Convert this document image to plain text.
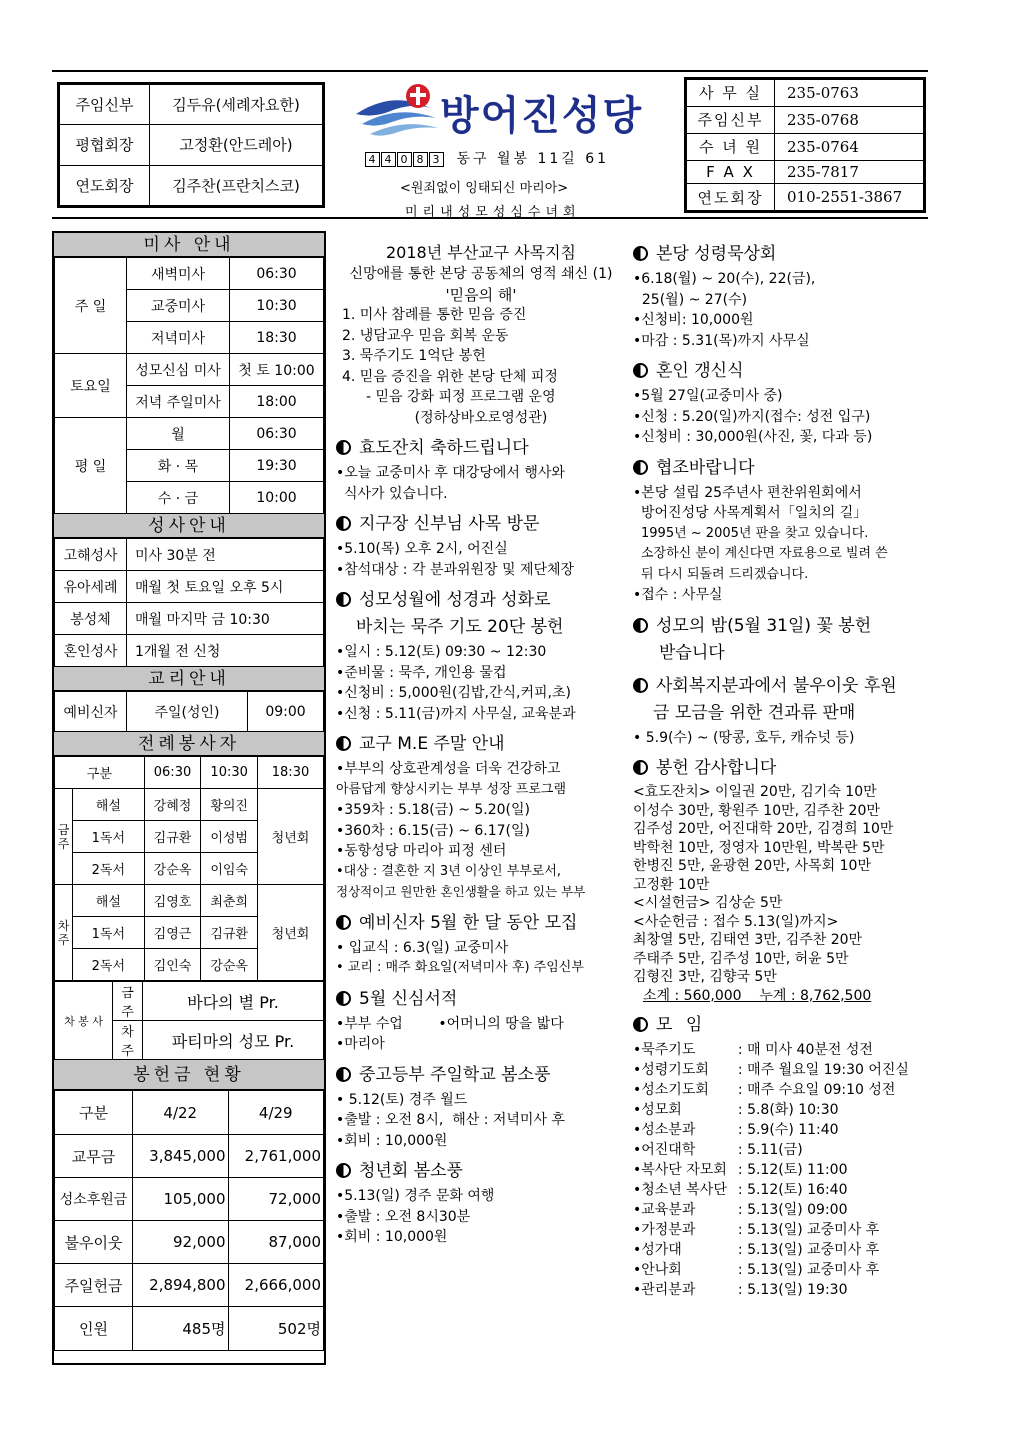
주임신부	김두유(세례자요한)
평협회장	고정환(안드레아)
연도회장	김주찬(프란치스코)
방어진성당
4 4 0 8 3 동구 월봉 11길 61
<원죄없이 잉태되신 마리아>
미리내성모성심수녀회
사 무 실	235-0763
주임신부	235-0768
수 녀 원	235-0764
F A X	235-7817
연도회장	010-2551-3867
미사 안내
주 일	새벽미사	06:30
	교중미사	10:30
	저녁미사	18:30
토요일	성모신심 미사	첫 토 10:00
	저녁 주일미사	18:00
평 일	월	06:30
	화 · 목	19:30
	수 · 금	10:00
성사안내
고해성사	미사 30분 전
유아세례	매월 첫 토요일 오후 5시
봉성체	매월 마지막 금 10:30
혼인성사	1개월 전 신청
교리안내
예비신자	주일(성인)	09:00
전례봉사자
구분		06:30	10:30	18:30
금주	해설	강혜정	황의진	청년회
	1독서	김규환	이성범	
	2독서	강순옥	이임숙	
차주	해설	김영호	최춘희	청년회
	1독서	김영근	김규환	
	2독서	김인숙	강순옥	
차 봉 사	금주	바다의 별 Pr.
	차주	파티마의 성모 Pr.
봉헌금 현황
구분	4/22	4/29
교무금	3,845,000	2,761,000
성소후원금	105,000	72,000
불우이웃	92,000	87,000
주일헌금	2,894,800	2,666,000
인원	485명	502명
2018년 부산교구 사목지침
신망애를 통한 본당 공동체의 영적 쇄신 (1)
'믿음의 해'
1. 미사 참례를 통한 믿음 증진
2. 냉담교우 믿음 회복 운동
3. 묵주기도 1억단 봉헌
4. 믿음 증진을 위한 본당 단체 피정
- 믿음 강화 피정 프로그램 운영
(정하상바오로영성관)
효도잔치 축하드립니다
•오늘 교중미사 후 대강당에서 행사와
식사가 있습니다.
지구장 신부님 사목 방문
•5.10(목) 오후 2시, 어진실
•참석대상 : 각 분과위원장 및 제단체장
성모성월에 성경과 성화로
바치는 묵주 기도 20단 봉헌
•일시 : 5.12(토) 09:30 ~ 12:30
•준비물 : 묵주, 개인용 물컵
•신청비 : 5,000원(김밥,간식,커피,초)
•신청 : 5.11(금)까지 사무실, 교육분과
교구 M.E 주말 안내
•부부의 상호관계성을 더욱 건강하고
아름답게 향상시키는 부부 성장 프로그램
•359차 : 5.18(금) ~ 5.20(일)
•360차 : 6.15(금) ~ 6.17(일)
•동항성당 마리아 피정 센터
•대상 : 결혼한 지 3년 이상인 부부로서,
정상적이고 원만한 혼인생활을 하고 있는 부부
예비신자 5월 한 달 동안 모집
• 입교식 : 6.3(일) 교중미사
• 교리 : 매주 화요일(저녁미사 후) 주임신부
5월 신심서적
•부부 수업        •어머니의 땅을 밟다
•마리아
중고등부 주일학교 봄소풍
• 5.12(토) 경주 월드
•출발 : 오전 8시,  해산 : 저녁미사 후
•회비 : 10,000원
청년회 봄소풍
•5.13(일) 경주 문화 여행
•출발 : 오전 8시30분
•회비 : 10,000원
본당 성령묵상회
•6.18(월) ~ 20(수), 22(금),
25(월) ~ 27(수)
•신청비: 10,000원
•마감 : 5.31(목)까지 사무실
혼인 갱신식
•5월 27일(교중미사 중)
•신청 : 5.20(일)까지(접수: 성전 입구)
•신청비 : 30,000원(사진, 꽃, 다과 등)
협조바랍니다
•본당 설립 25주년사 편찬위원회에서
방어진성당 사목계획서「일치의 길」
1995년 ~ 2005년 판을 찾고 있습니다.
소장하신 분이 계신다면 자료용으로 빌려 쓴
뒤 다시 되돌려 드리겠습니다.
•접수 : 사무실
성모의 밤(5월 31일) 꽃 봉헌
받습니다
사회복지분과에서 불우이웃 후원
금 모금을 위한 견과류 판매
• 5.9(수) ~ (땅콩, 호두, 캐슈넛 등)
봉헌 감사합니다
<효도잔치> 이일권 20만, 김기숙 10만
이성수 30만, 황원주 10만, 김주찬 20만
김주성 20만, 어진대학 20만, 김경희 10만
박학천 10만, 정영자 10만원, 박복란 5만
한병진 5만, 윤광현 20만, 사목회 10만
고정환 10만
<시설헌금> 김상순 5만
<사순헌금 : 접수 5.13(일)까지>
최창열 5만, 김태연 3만, 김주찬 20만
주태주 5만, 김주성 10만, 허윤 5만
김형진 3만, 김향국 5만
소계 : 560,000    누계 : 8,762,500
모 임
•묵주기도	: 매 미사 40분전 성전
•성령기도회	: 매주 월요일 19:30 어진실
•성소기도회	: 매주 수요일 09:10 성전
•성모회	: 5.8(화) 10:30
•성소분과	: 5.9(수) 11:40
•어진대학	: 5.11(금)
•복사단 자모회 : 5.12(토) 11:00
•청소년 복사단 : 5.12(토) 16:40
•교육분과	: 5.13(일) 09:00
•가정분과	: 5.13(일) 교중미사 후
•성가대	: 5.13(일) 교중미사 후
•안나회	: 5.13(일) 교중미사 후
•관리분과	: 5.13(일) 19:30
